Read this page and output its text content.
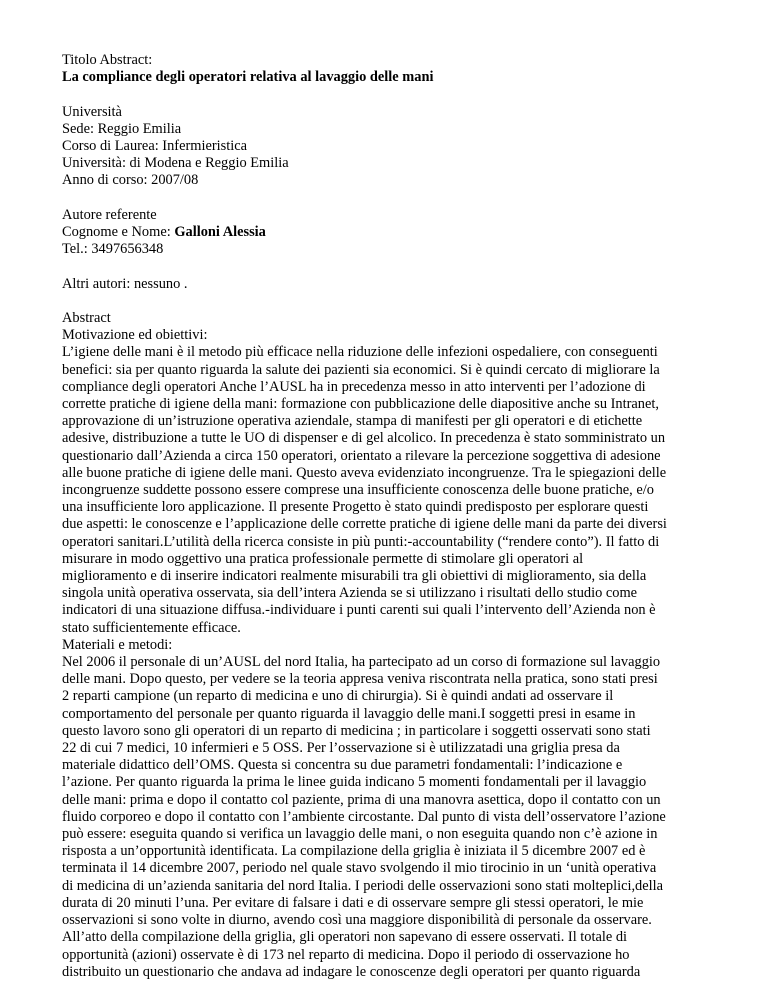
Titolo Abstract:
La compliance degli operatori relativa al lavaggio delle mani
Università
Sede: Reggio Emilia
Corso di Laurea: Infermieristica
Università: di Modena e Reggio Emilia
Anno di corso: 2007/08
Autore referente
Cognome e Nome: Galloni Alessia
Tel.: 3497656348
Altri autori: nessuno .
Abstract
Motivazione ed obiettivi:
L’igiene delle mani è il metodo più efficace nella riduzione delle infezioni ospedaliere, con conseguenti
benefici: sia per quanto riguarda la salute dei pazienti sia economici. Si è quindi cercato di migliorare la
compliance degli operatori Anche l’AUSL ha in precedenza messo in atto interventi per l’adozione di
corrette pratiche di igiene della mani: formazione con pubblicazione delle diapositive anche su Intranet,
approvazione di un’istruzione operativa aziendale, stampa di manifesti per gli operatori e di etichette
adesive, distribuzione a tutte le UO di dispenser e di gel alcolico. In precedenza è stato somministrato un
questionario dall’Azienda a circa 150 operatori, orientato a rilevare la percezione soggettiva di adesione
alle buone pratiche di igiene delle mani. Questo aveva evidenziato incongruenze. Tra le spiegazioni delle
incongruenze suddette possono essere comprese una insufficiente conoscenza delle buone pratiche, e/o
una insufficiente loro applicazione. Il presente Progetto è stato quindi predisposto per esplorare questi
due aspetti: le conoscenze e l’applicazione delle corrette pratiche di igiene delle mani da parte dei diversi
operatori sanitari.L’utilità della ricerca consiste in più punti:-accountability (“rendere conto”). Il fatto di
misurare in modo oggettivo una pratica professionale permette di stimolare gli operatori al
miglioramento e di inserire indicatori realmente misurabili tra gli obiettivi di miglioramento, sia della
singola unità operativa osservata, sia dell’intera Azienda se si utilizzano i risultati dello studio come
indicatori di una situazione diffusa.-individuare i punti carenti sui quali l’intervento dell’Azienda non è
stato sufficientemente efficace.
Materiali e metodi:
Nel 2006 il personale di un’AUSL del nord Italia, ha partecipato ad un corso di formazione sul lavaggio
delle mani. Dopo questo, per vedere se la teoria appresa veniva riscontrata nella pratica, sono stati presi
2 reparti campione (un reparto di medicina e uno di chirurgia). Si è quindi andati ad osservare il
comportamento del personale per quanto riguarda il lavaggio delle mani.I soggetti presi in esame in
questo lavoro sono gli operatori di un reparto di medicina ; in particolare i soggetti osservati sono stati
22 di cui 7 medici, 10 infermieri e 5 OSS. Per l’osservazione si è utilizzatadi una griglia presa da
materiale didattico dell’OMS. Questa si concentra su due parametri fondamentali: l’indicazione e
l’azione. Per quanto riguarda la prima le linee guida indicano 5 momenti fondamentali per il lavaggio
delle mani: prima e dopo il contatto col paziente, prima di una manovra asettica, dopo il contatto con un
fluido corporeo e dopo il contatto con l’ambiente circostante. Dal punto di vista dell’osservatore l’azione
può essere: eseguita quando si verifica un lavaggio delle mani, o non eseguita quando non c’è azione in
risposta a un’opportunità identificata. La compilazione della griglia è iniziata il 5 dicembre 2007 ed è
terminata il 14 dicembre 2007, periodo nel quale stavo svolgendo il mio tirocinio in un ‘unità operativa
di medicina di un’azienda sanitaria del nord Italia. I periodi delle osservazioni sono stati molteplici,della
durata di 20 minuti l’una. Per evitare di falsare i dati e di osservare sempre gli stessi operatori, le mie
osservazioni si sono volte in diurno, avendo così una maggiore disponibilità di personale da osservare.
All’atto della compilazione della griglia, gli operatori non sapevano di essere osservati. Il totale di
opportunità (azioni) osservate è di 173 nel reparto di medicina. Dopo il periodo di osservazione ho
distribuito un questionario che andava ad indagare le conoscenze degli operatori per quanto riguarda
